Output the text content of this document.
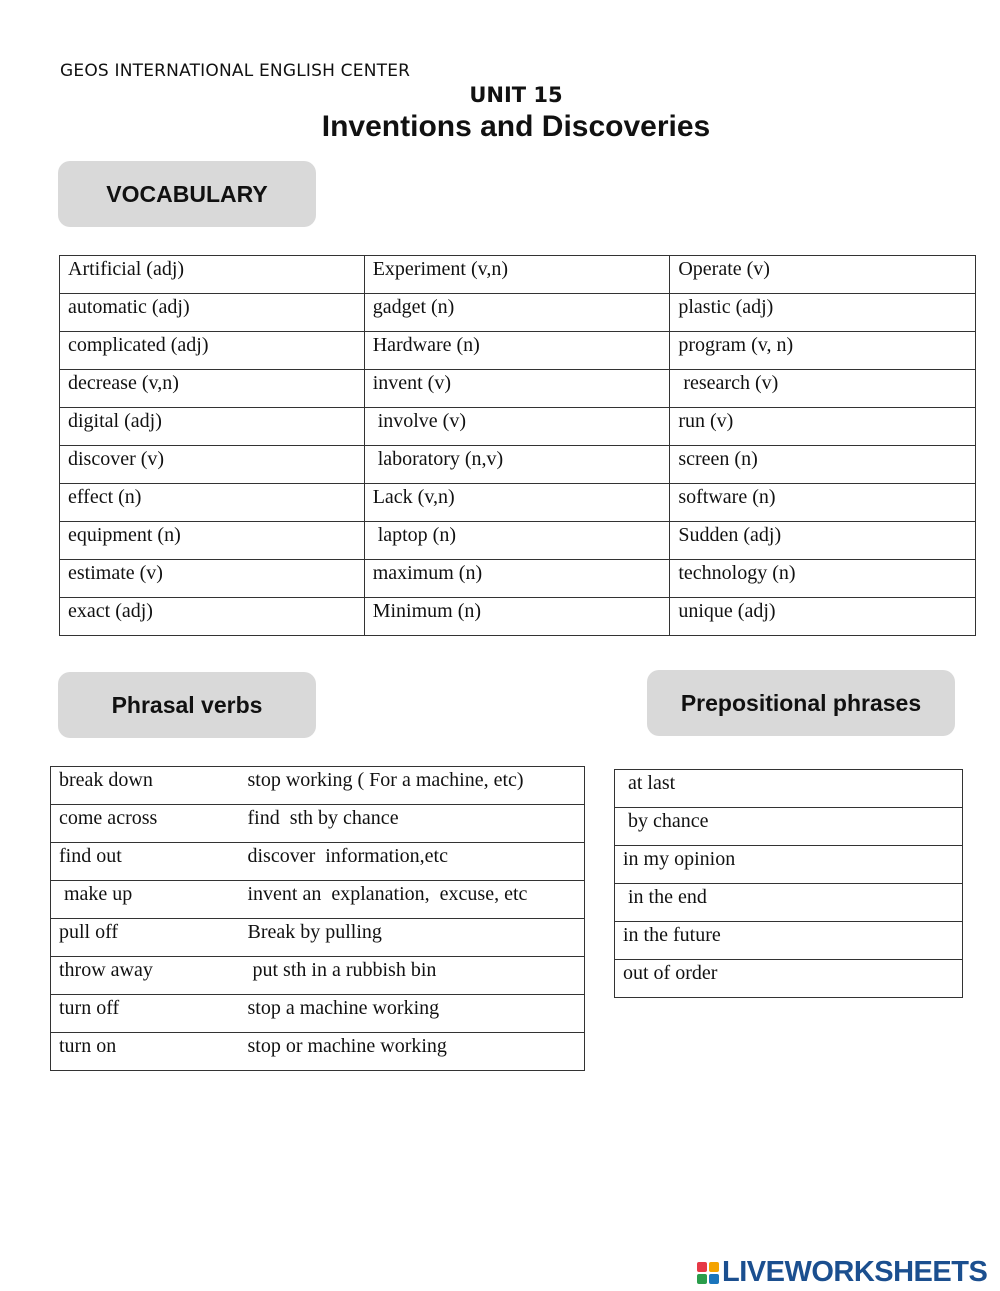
GEOS INTERNATIONAL ENGLISH CENTER
UNIT 15
Inventions and Discoveries
VOCABULARY
Artificial (adj)	Experiment (v,n)	Operate (v)
automatic (adj)	gadget (n)	plastic (adj)
complicated (adj)	Hardware (n)	program (v, n)
decrease (v,n)	invent (v)	research (v)
digital (adj)	involve (v)	run (v)
discover (v)	laboratory (n,v)	screen (n)
effect (n)	Lack (v,n)	software (n)
equipment (n)	laptop (n)	Sudden (adj)
estimate (v)	maximum (n)	technology (n)
exact (adj)	Minimum (n)	unique (adj)
Phrasal verbs	Prepositional phrases
break down	stop working ( For a machine, etc)
come across	find  sth by chance
find out	discover  information,etc
make up	invent an  explanation,  excuse, etc
pull off	Break by pulling
throw away	put sth in a rubbish bin
turn off	stop a machine working
turn on	stop or machine working
at last
by chance
in my opinion
in the end
in the future
out of order
LIVEWORKSHEETS
